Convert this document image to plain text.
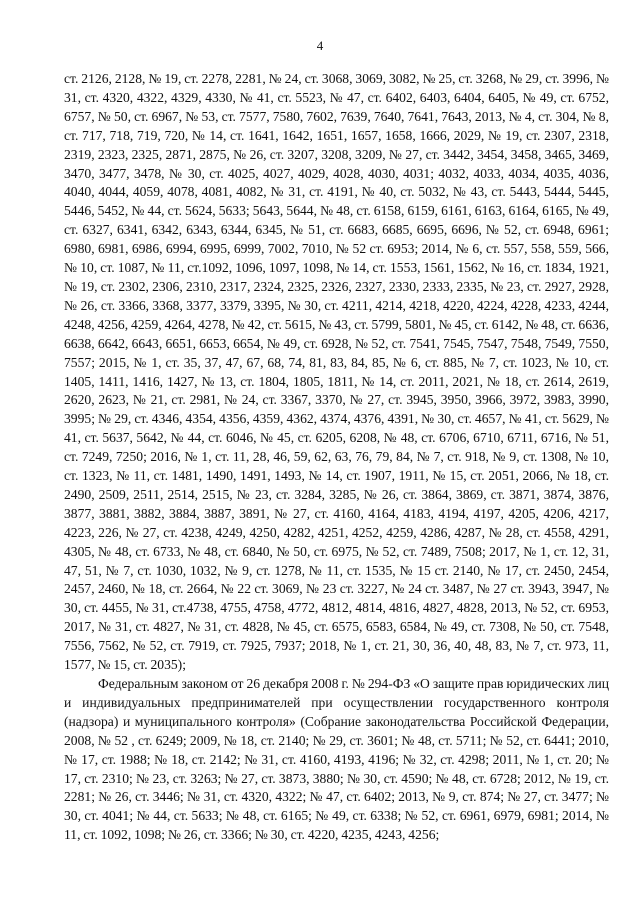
4

ст. 2126, 2128, № 19, ст. 2278, 2281, № 24, ст. 3068, 3069, 3082, № 25, ст. 3268, № 29, ст. 3996, № 31, ст. 4320, 4322, 4329, 4330, № 41, ст. 5523, № 47, ст. 6402, 6403, 6404, 6405, № 49, ст. 6752, 6757, № 50, ст. 6967, № 53, ст. 7577, 7580, 7602, 7639, 7640, 7641, 7643, 2013, № 4, ст. 304, № 8, ст. 717, 718, 719, 720, № 14, ст. 1641, 1642, 1651, 1657, 1658, 1666, 2029, № 19, ст. 2307, 2318, 2319, 2323, 2325, 2871, 2875, № 26, ст. 3207, 3208, 3209, № 27, ст. 3442, 3454, 3458, 3465, 3469, 3470, 3477, 3478, № 30, ст. 4025, 4027, 4029, 4028, 4030, 4031; 4032, 4033, 4034, 4035, 4036, 4040, 4044, 4059, 4078, 4081, 4082, № 31, ст. 4191, № 40, ст. 5032, № 43, ст. 5443, 5444, 5445, 5446, 5452, № 44, ст. 5624, 5633; 5643, 5644, № 48, ст. 6158, 6159, 6161, 6163, 6164, 6165, № 49, ст. 6327, 6341, 6342, 6343, 6344, 6345, № 51, ст. 6683, 6685, 6695, 6696, № 52, ст. 6948, 6961; 6980, 6981, 6986, 6994, 6995, 6999, 7002, 7010, № 52 ст. 6953; 2014, № 6, ст. 557, 558, 559, 566, № 10, ст. 1087, № 11, ст.1092, 1096, 1097, 1098, № 14, ст. 1553, 1561, 1562, № 16, ст. 1834, 1921, № 19, ст. 2302, 2306, 2310, 2317, 2324, 2325, 2326, 2327, 2330, 2333, 2335, № 23, ст. 2927, 2928, № 26, ст. 3366, 3368, 3377, 3379, 3395, № 30, ст. 4211, 4214, 4218, 4220, 4224, 4228, 4233, 4244, 4248, 4256, 4259, 4264, 4278, № 42, ст. 5615, № 43, ст. 5799, 5801, № 45, ст. 6142, № 48, ст. 6636, 6638, 6642, 6643, 6651, 6653, 6654, № 49, ст. 6928, № 52, ст. 7541, 7545, 7547, 7548, 7549, 7550, 7557; 2015, № 1, ст. 35, 37, 47, 67, 68, 74, 81, 83, 84, 85, № 6, ст. 885, № 7, ст. 1023, № 10, ст. 1405, 1411, 1416, 1427, № 13, ст. 1804, 1805, 1811, № 14, ст. 2011, 2021, № 18, ст. 2614, 2619, 2620, 2623, № 21, ст. 2981, № 24, ст. 3367, 3370, № 27, ст. 3945, 3950, 3966, 3972, 3983, 3990, 3995; № 29, ст. 4346, 4354, 4356, 4359, 4362, 4374, 4376, 4391, № 30, ст. 4657, № 41, ст. 5629, № 41, ст. 5637, 5642, № 44, ст. 6046, № 45, ст. 6205, 6208, № 48, ст. 6706, 6710, 6711, 6716, № 51, ст. 7249, 7250; 2016, № 1, ст. 11, 28, 46, 59, 62, 63, 76, 79, 84, № 7, ст. 918, № 9, ст. 1308, № 10, ст. 1323, № 11, ст. 1481, 1490, 1491, 1493, № 14, ст. 1907, 1911, № 15, ст. 2051, 2066, № 18, ст. 2490, 2509, 2511, 2514, 2515, № 23, ст. 3284, 3285, № 26, ст. 3864, 3869, ст. 3871, 3874, 3876, 3877, 3881, 3882, 3884, 3887, 3891, № 27, ст. 4160, 4164, 4183, 4194, 4197, 4205, 4206, 4217, 4223, 226, № 27, ст. 4238, 4249, 4250, 4282, 4251, 4252, 4259, 4286, 4287, № 28, ст. 4558, 4291, 4305, № 48, ст. 6733, № 48, ст. 6840, № 50, ст. 6975, № 52, ст. 7489, 7508; 2017, № 1, ст. 12, 31, 47, 51, № 7, ст. 1030, 1032, № 9, ст. 1278, № 11, ст. 1535, № 15 ст. 2140, № 17, ст. 2450, 2454, 2457, 2460, № 18, ст. 2664, № 22 ст. 3069, № 23 ст. 3227, № 24 ст. 3487, № 27 ст. 3943, 3947, № 30, ст. 4455, № 31, ст.4738, 4755, 4758, 4772, 4812, 4814, 4816, 4827, 4828, 2013, № 52, ст. 6953, 2017, № 31, ст. 4827, № 31, ст. 4828, № 45, ст. 6575, 6583, 6584, № 49, ст. 7308, № 50, ст. 7548, 7556, 7562, № 52, ст. 7919, ст. 7925, 7937; 2018, № 1, ст. 21, 30, 36, 40, 48, 83, № 7, ст. 973, 11, 1577, № 15, ст. 2035);

Федеральным законом от 26 декабря 2008 г. № 294-ФЗ «О защите прав юридических лиц и индивидуальных предпринимателей при осуществлении государственного контроля (надзора) и муниципального контроля» (Собрание законодательства Российской Федерации, 2008, № 52 , ст. 6249; 2009, № 18, ст. 2140; № 29, ст. 3601; № 48, ст. 5711; № 52, ст. 6441; 2010, № 17, ст. 1988; № 18, ст. 2142; № 31, ст. 4160, 4193, 4196; № 32, ст. 4298; 2011, № 1, ст. 20; № 17, ст. 2310; № 23, ст. 3263; № 27, ст. 3873, 3880; № 30, ст. 4590; № 48, ст. 6728; 2012, № 19, ст. 2281; № 26, ст. 3446; № 31, ст. 4320, 4322; № 47, ст. 6402; 2013, № 9, ст. 874; № 27, ст. 3477; № 30, ст. 4041; № 44, ст. 5633; № 48, ст. 6165; № 49, ст. 6338; № 52, ст. 6961, 6979, 6981; 2014, № 11, ст. 1092, 1098; № 26, ст. 3366; № 30, ст. 4220, 4235, 4243, 4256;
